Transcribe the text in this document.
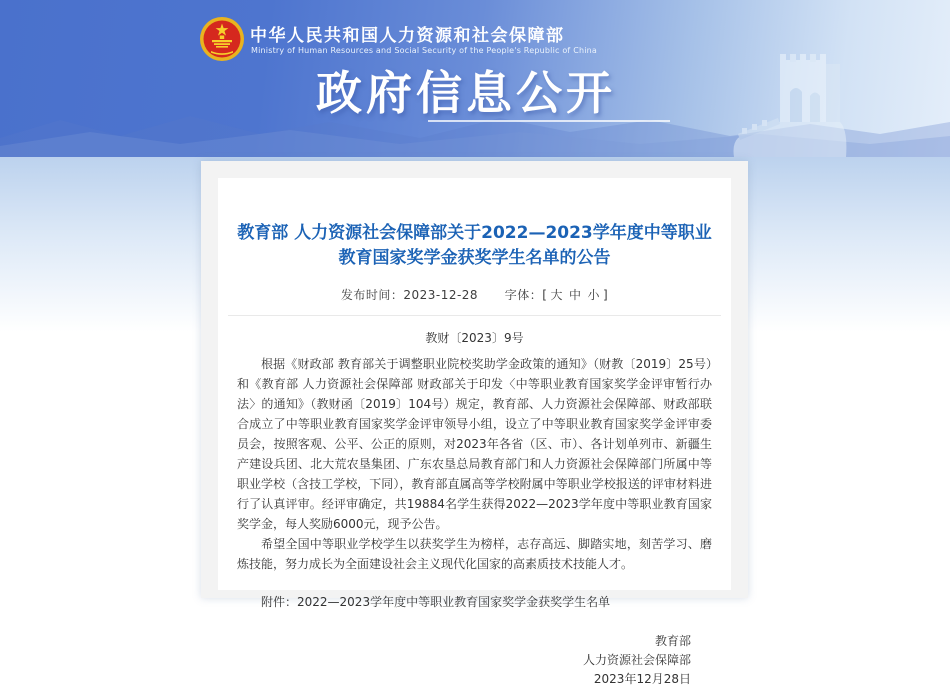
中华人民共和国人力资源和社会保障部
Ministry of Human Resources and Social Security of the People's Republic of China
政府信息公开
教育部 人力资源社会保障部关于2022—2023学年度中等职业教育国家奖学金获奖学生名单的公告
发布时间：2023-12-28 字体：[ 大 中 小 ]
教财〔2023〕9号

根据《财政部 教育部关于调整职业院校奖助学金政策的通知》（财教〔2019〕25号）和《教育部 人力资源社会保障部 财政部关于印发〈中等职业教育国家奖学金评审暂行办法〉的通知》（教财函〔2019〕104号）规定，教育部、人力资源社会保障部、财政部联合成立了中等职业教育国家奖学金评审领导小组，设立了中等职业教育国家奖学金评审委员会，按照客观、公平、公正的原则，对2023年各省（区、市）、各计划单列市、新疆生产建设兵团、北大荒农垦集团、广东农垦总局教育部门和人力资源社会保障部门所属中等职业学校（含技工学校，下同），教育部直属高等学校附属中等职业学校报送的评审材料进行了认真评审。经评审确定，共19884名学生获得2022—2023学年度中等职业教育国家奖学金，每人奖励6000元，现予公告。

希望全国中等职业学校学生以获奖学生为榜样，志存高远、脚踏实地，刻苦学习、磨炼技能，努力成长为全面建设社会主义现代化国家的高素质技术技能人才。

附件：2022—2023学年度中等职业教育国家奖学金获奖学生名单
教育部
人力资源社会保障部
2023年12月28日
